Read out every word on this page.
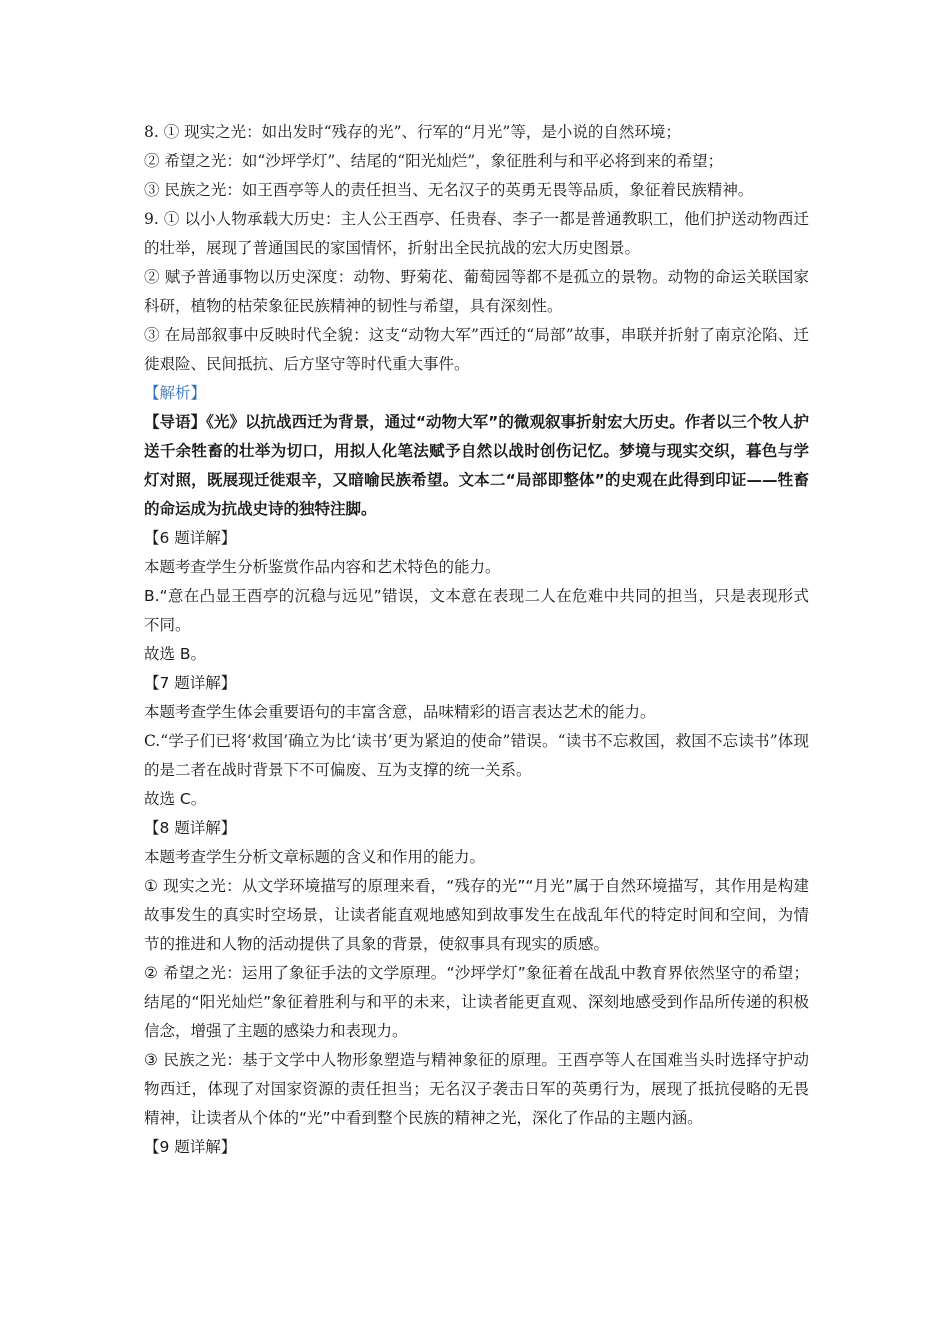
8. ① 现实之光：如出发时“残存的光”、行军的“月光”等，是小说的自然环境；

② 希望之光：如“沙坪学灯”、结尾的“阳光灿烂”，象征胜利与和平必将到来的希望；

③ 民族之光：如王酉亭等人的责任担当、无名汉子的英勇无畏等品质，象征着民族精神。

9. ① 以小人物承载大历史：主人公王酉亭、任贵春、李子一都是普通教职工，他们护送动物西迁的壮举，展现了普通国民的家国情怀，折射出全民抗战的宏大历史图景。

② 赋予普通事物以历史深度：动物、野菊花、葡萄园等都不是孤立的景物。动物的命运关联国家科研，植物的枯荣象征民族精神的韧性与希望，具有深刻性。

③ 在局部叙事中反映时代全貌：这支“动物大军”西迁的“局部”故事，串联并折射了南京沦陷、迁徙艰险、民间抵抗、后方坚守等时代重大事件。

【解析】

【导语】《光》以抗战西迁为背景，通过“动物大军”的微观叙事折射宏大历史。作者以三个牧人护送千余牲畜的壮举为切口，用拟人化笔法赋予自然以战时创伤记忆。梦境与现实交织，暮色与学灯对照，既展现迁徙艰辛，又暗喻民族希望。文本二“局部即整体”的史观在此得到印证——牲畜的命运成为抗战史诗的独特注脚。

【6 题详解】

本题考查学生分析鉴赏作品内容和艺术特色的能力。

B.“意在凸显王酉亭的沉稳与远见”错误，文本意在表现二人在危难中共同的担当，只是表现形式不同。

故选 B。

【7 题详解】

本题考查学生体会重要语句的丰富含意，品味精彩的语言表达艺术的能力。

C.“学子们已将‘救国’确立为比‘读书’更为紧迫的使命”错误。“读书不忘救国，救国不忘读书”体现的是二者在战时背景下不可偏废、互为支撑的统一关系。

故选 C。

【8 题详解】

本题考查学生分析文章标题的含义和作用的能力。

① 现实之光：从文学环境描写的原理来看，“残存的光”“月光”属于自然环境描写，其作用是构建故事发生的真实时空场景，让读者能直观地感知到故事发生在战乱年代的特定时间和空间，为情节的推进和人物的活动提供了具象的背景，使叙事具有现实的质感。

② 希望之光：运用了象征手法的文学原理。“沙坪学灯”象征着在战乱中教育界依然坚守的希望；结尾的“阳光灿烂”象征着胜利与和平的未来，让读者能更直观、深刻地感受到作品所传递的积极信念，增强了主题的感染力和表现力。

③ 民族之光：基于文学中人物形象塑造与精神象征的原理。王酉亭等人在国难当头时选择守护动物西迁，体现了对国家资源的责任担当；无名汉子袭击日军的英勇行为，展现了抵抗侵略的无畏精神，让读者从个体的“光”中看到整个民族的精神之光，深化了作品的主题内涵。

【9 题详解】
